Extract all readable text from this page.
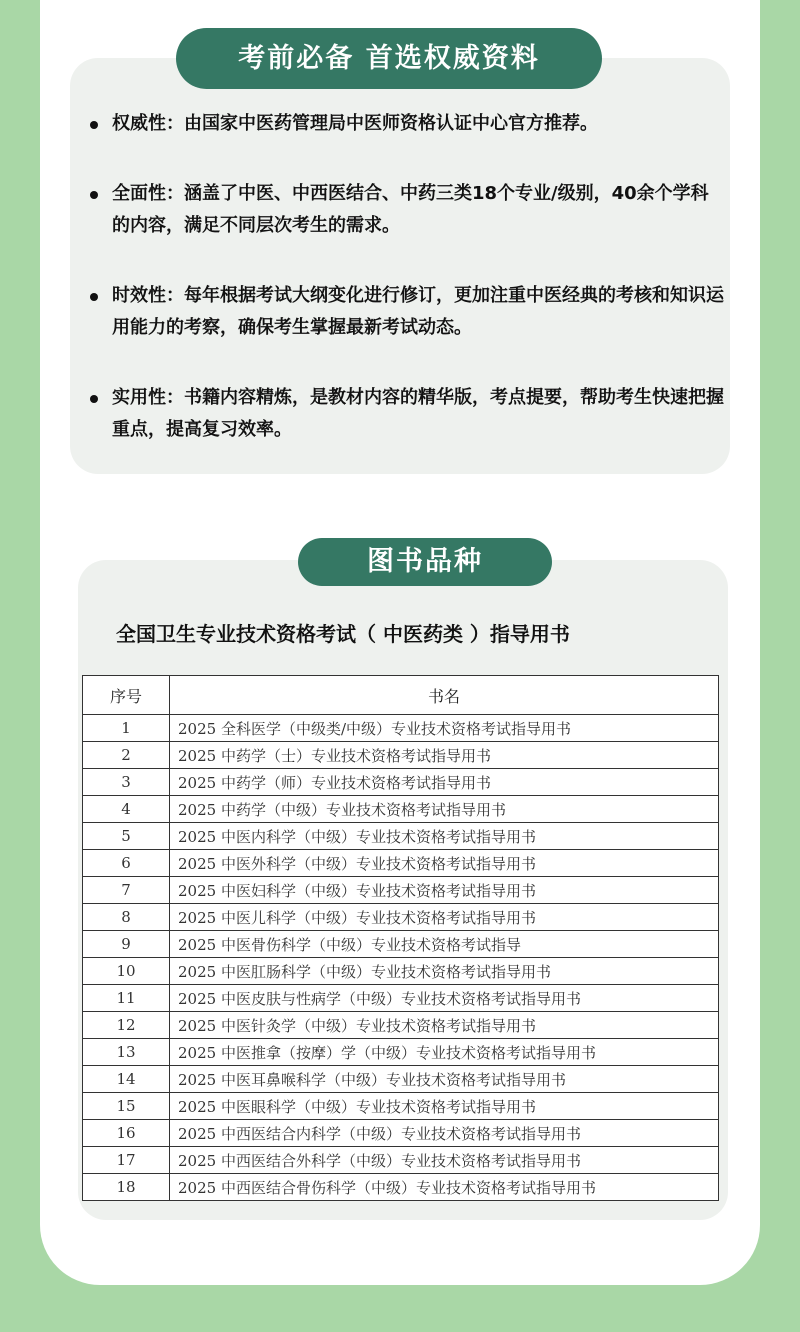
考前必备 首选权威资料
权威性：由国家中医药管理局中医师资格认证中心官方推荐。
全面性：涵盖了中医、中西医结合、中药三类18个专业/级别，40余个学科的内容，满足不同层次考生的需求。
时效性：每年根据考试大纲变化进行修订，更加注重中医经典的考核和知识运用能力的考察，确保考生掌握最新考试动态。
实用性：书籍内容精炼，是教材内容的精华版，考点提要，帮助考生快速把握重点，提高复习效率。
图书品种
全国卫生专业技术资格考试（ 中医药类 ）指导用书
序号	书名
1	2025 全科医学（中级类/中级）专业技术资格考试指导用书
2	2025 中药学（士）专业技术资格考试指导用书
3	2025 中药学（师）专业技术资格考试指导用书
4	2025 中药学（中级）专业技术资格考试指导用书
5	2025 中医内科学（中级）专业技术资格考试指导用书
6	2025 中医外科学（中级）专业技术资格考试指导用书
7	2025 中医妇科学（中级）专业技术资格考试指导用书
8	2025 中医儿科学（中级）专业技术资格考试指导用书
9	2025 中医骨伤科学（中级）专业技术资格考试指导
10	2025 中医肛肠科学（中级）专业技术资格考试指导用书
11	2025 中医皮肤与性病学（中级）专业技术资格考试指导用书
12	2025 中医针灸学（中级）专业技术资格考试指导用书
13	2025 中医推拿（按摩）学（中级）专业技术资格考试指导用书
14	2025 中医耳鼻喉科学（中级）专业技术资格考试指导用书
15	2025 中医眼科学（中级）专业技术资格考试指导用书
16	2025 中西医结合内科学（中级）专业技术资格考试指导用书
17	2025 中西医结合外科学（中级）专业技术资格考试指导用书
18	2025 中西医结合骨伤科学（中级）专业技术资格考试指导用书
